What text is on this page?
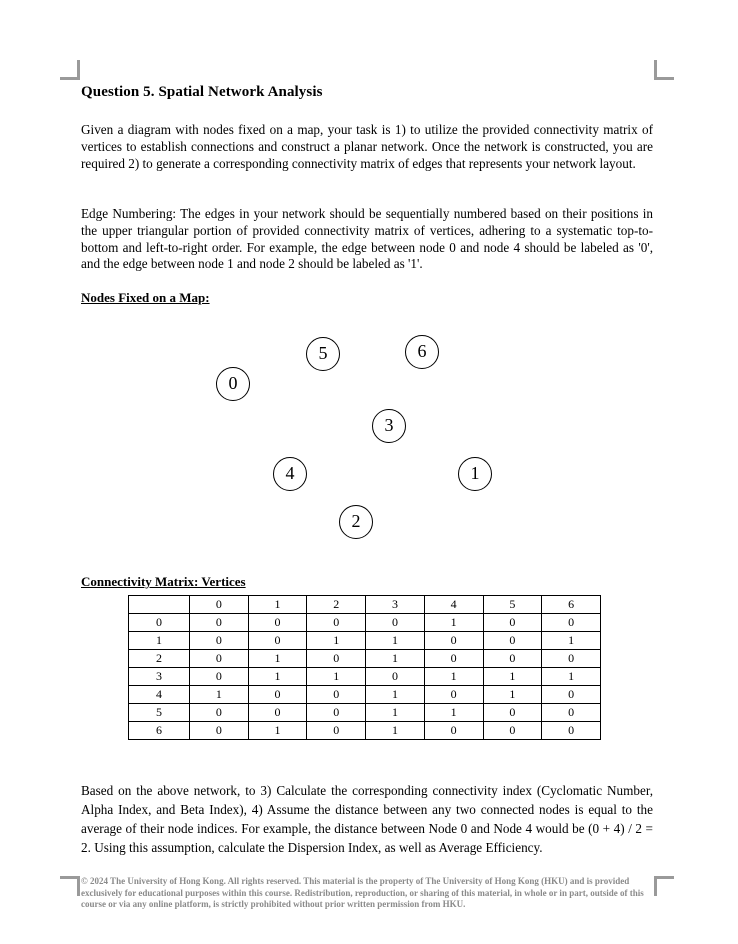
Question 5. Spatial Network Analysis

Given a diagram with nodes fixed on a map, your task is 1) to utilize the provided connectivity matrix of vertices to establish connections and construct a planar network. Once the network is constructed, you are required 2) to generate a corresponding connectivity matrix of edges that represents your network layout.

Edge Numbering: The edges in your network should be sequentially numbered based on their positions in the upper triangular portion of provided connectivity matrix of vertices, adhering to a systematic top-to-bottom and left-to-right order. For example, the edge between node 0 and node 4 should be labeled as '0', and the edge between node 1 and node 2 should be labeled as '1'.

Nodes Fixed on a Map:
0
1
2
3
4
5	6
Connectivity Matrix: Vertices
	0	1	2	3	4	5	6
0	0	0	0	0	1	0	0
1	0	0	1	1	0	0	1
2	0	1	0	1	0	0	0
3	0	1	1	0	1	1	1
4	1	0	0	1	0	1	0
5	0	0	0	1	1	0	0
6	0	1	0	1	0	0	0

Based on the above network, to 3) Calculate the corresponding connectivity index (Cyclomatic Number, Alpha Index, and Beta Index), 4) Assume the distance between any two connected nodes is equal to the average of their node indices. For example, the distance between Node 0 and Node 4 would be (0 + 4) / 2 = 2. Using this assumption, calculate the Dispersion Index, as well as Average Efficiency.

© 2024 The University of Hong Kong. All rights reserved. This material is the property of The University of Hong Kong (HKU) and is provided exclusively for educational purposes within this course. Redistribution, reproduction, or sharing of this material, in whole or in part, outside of this course or via any online platform, is strictly prohibited without prior written permission from HKU.
